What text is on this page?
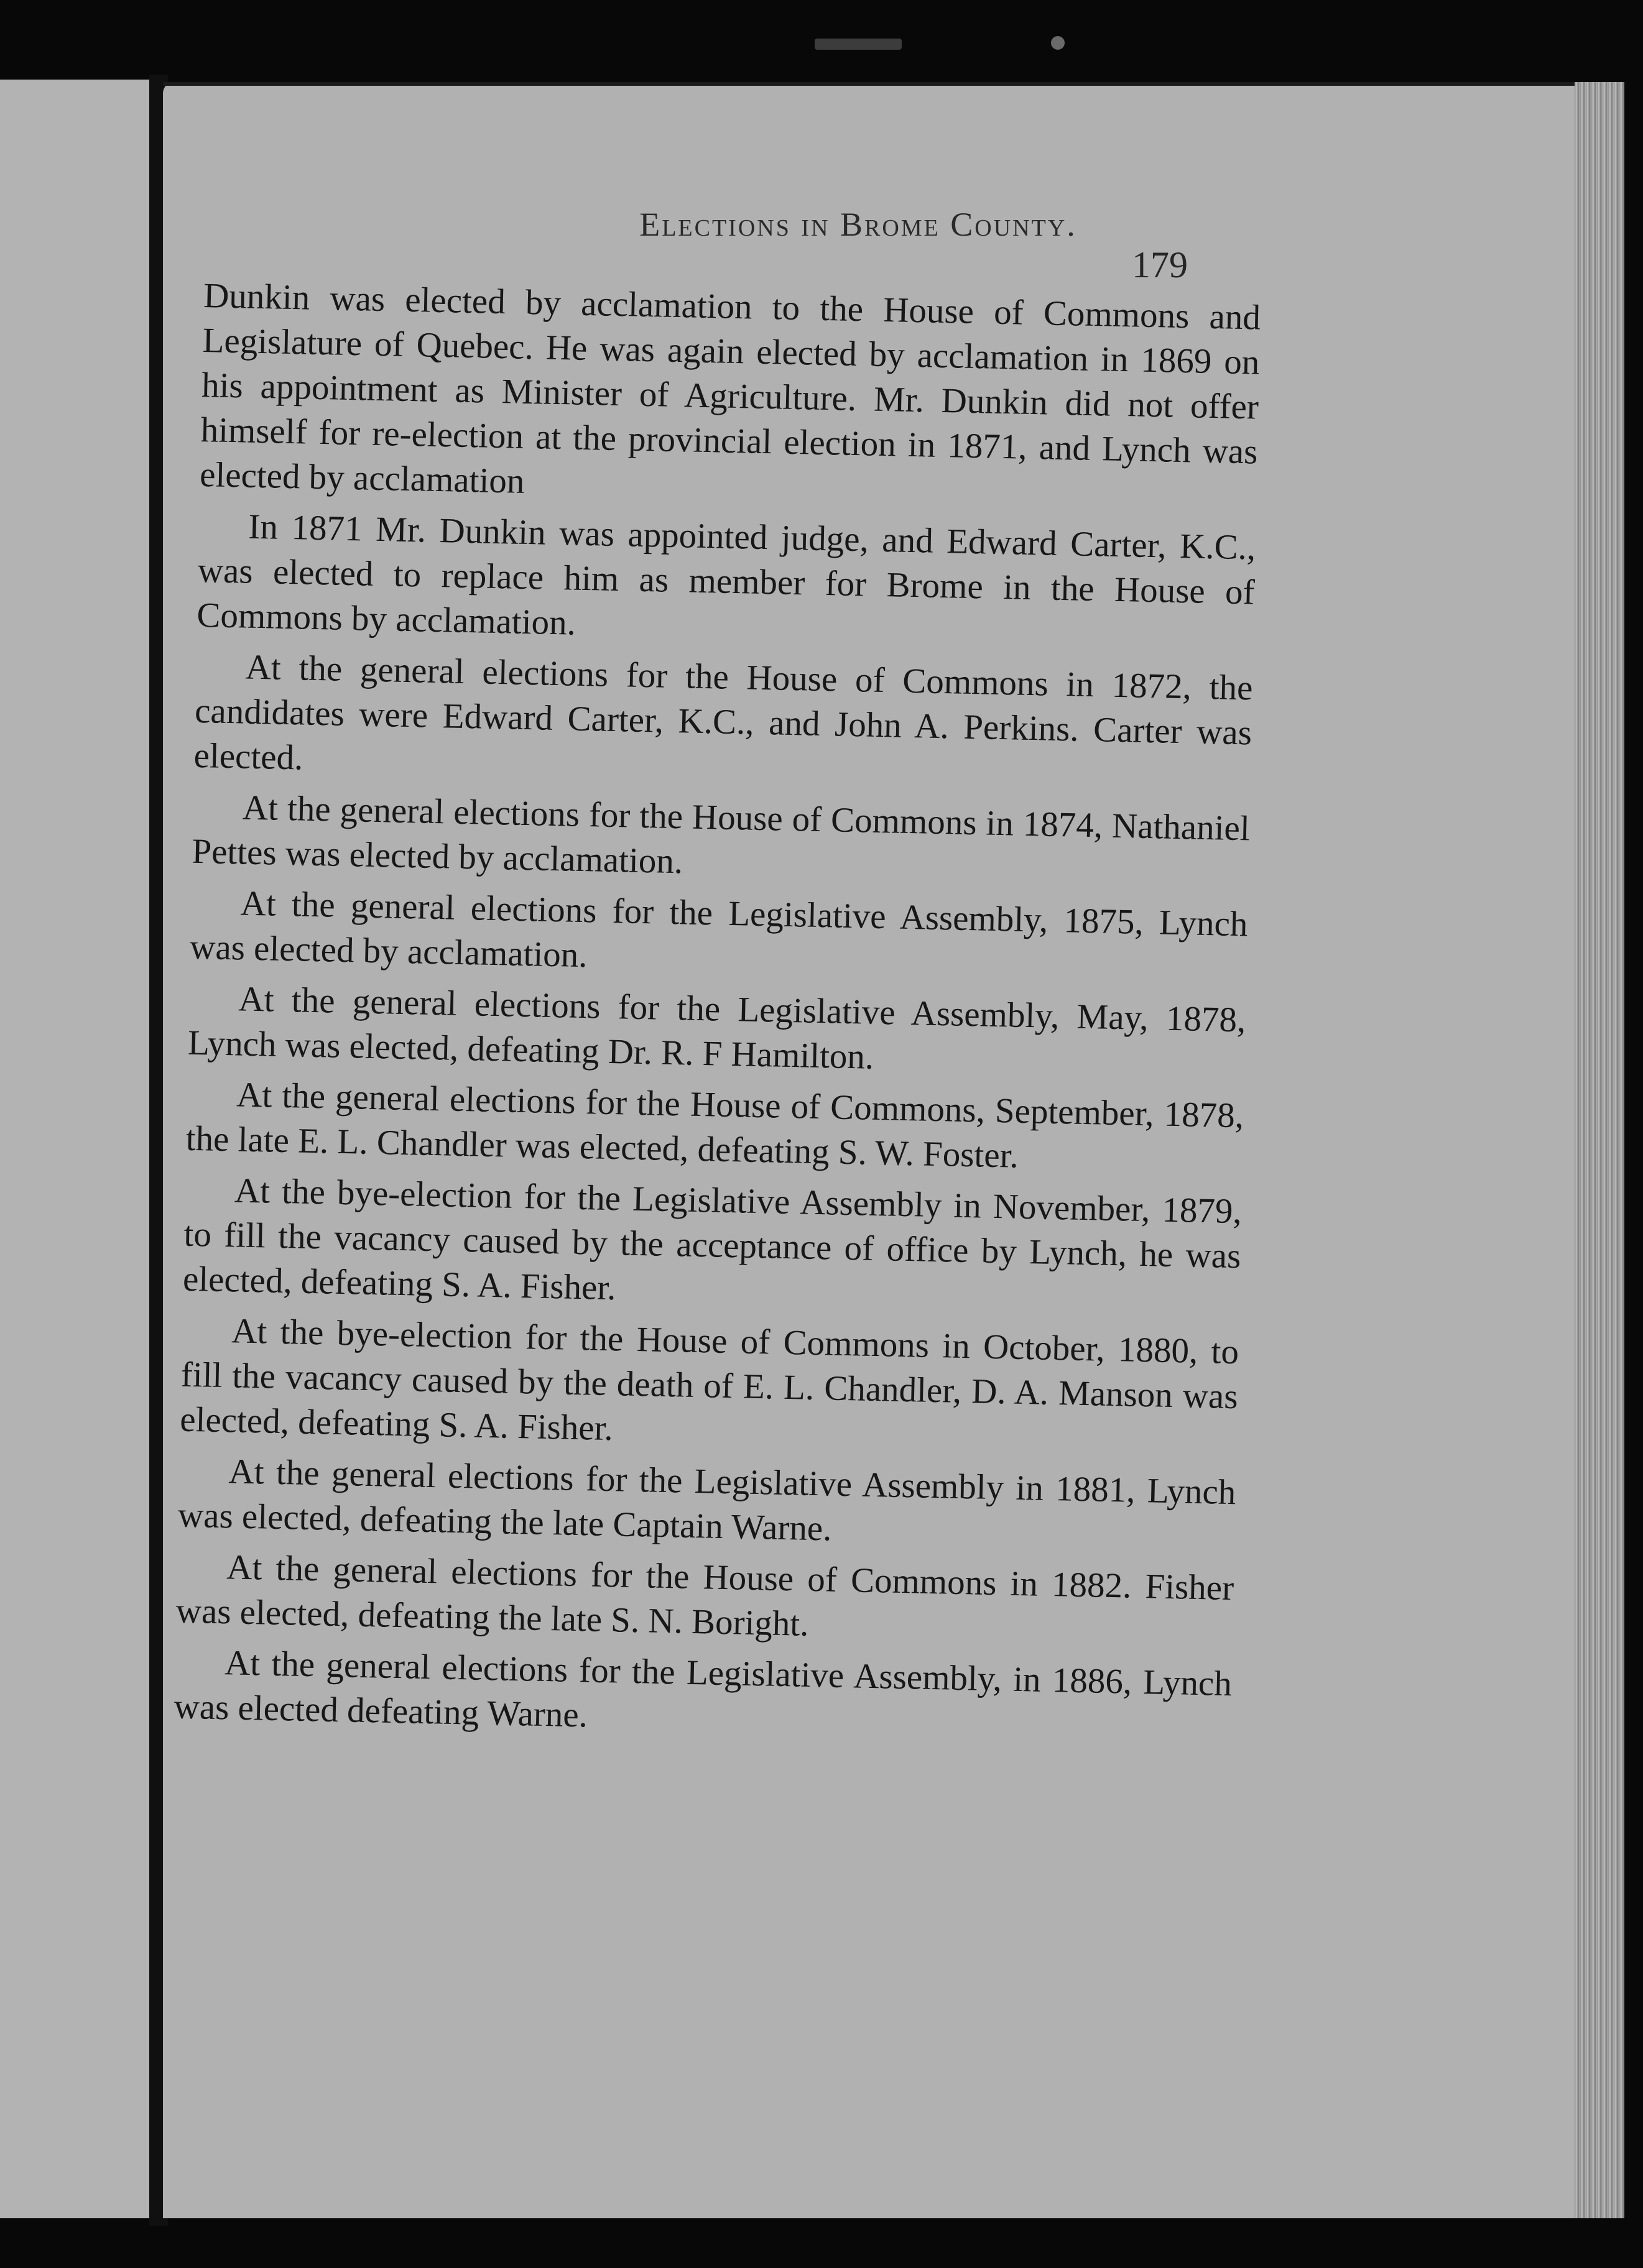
Elections in Brome County.
179

Dunkin was elected by acclamation to the House of Commons and Legislature of Quebec. He was again elected by acclamation in 1869 on his appointment as Minister of Agriculture. Mr. Dunkin did not offer himself for re-election at the provincial election in 1871, and Lynch was elected by acclamation

In 1871 Mr. Dunkin was appointed judge, and Edward Carter, K.C., was elected to replace him as member for Brome in the House of Commons by acclamation.

At the general elections for the House of Commons in 1872, the candidates were Edward Carter, K.C., and John A. Perkins. Carter was elected.

At the general elections for the House of Commons in 1874, Nathaniel Pettes was elected by acclamation.

At the general elections for the Legislative Assembly, 1875, Lynch was elected by acclamation.

At the general elections for the Legislative Assembly, May, 1878, Lynch was elected, defeating Dr. R. F Hamilton.

At the general elections for the House of Commons, September, 1878, the late E. L. Chandler was elected, defeating S. W. Foster.

At the bye-election for the Legislative Assembly in November, 1879, to fill the vacancy caused by the acceptance of office by Lynch, he was elected, defeating S. A. Fisher.

At the bye-election for the House of Commons in October, 1880, to fill the vacancy caused by the death of E. L. Chandler, D. A. Manson was elected, defeating S. A. Fisher.

At the general elections for the Legislative Assembly in 1881, Lynch was elected, defeating the late Captain Warne.

At the general elections for the House of Commons in 1882. Fisher was elected, defeating the late S. N. Boright.

At the general elections for the Legislative Assembly, in 1886, Lynch was elected defeating Warne.
